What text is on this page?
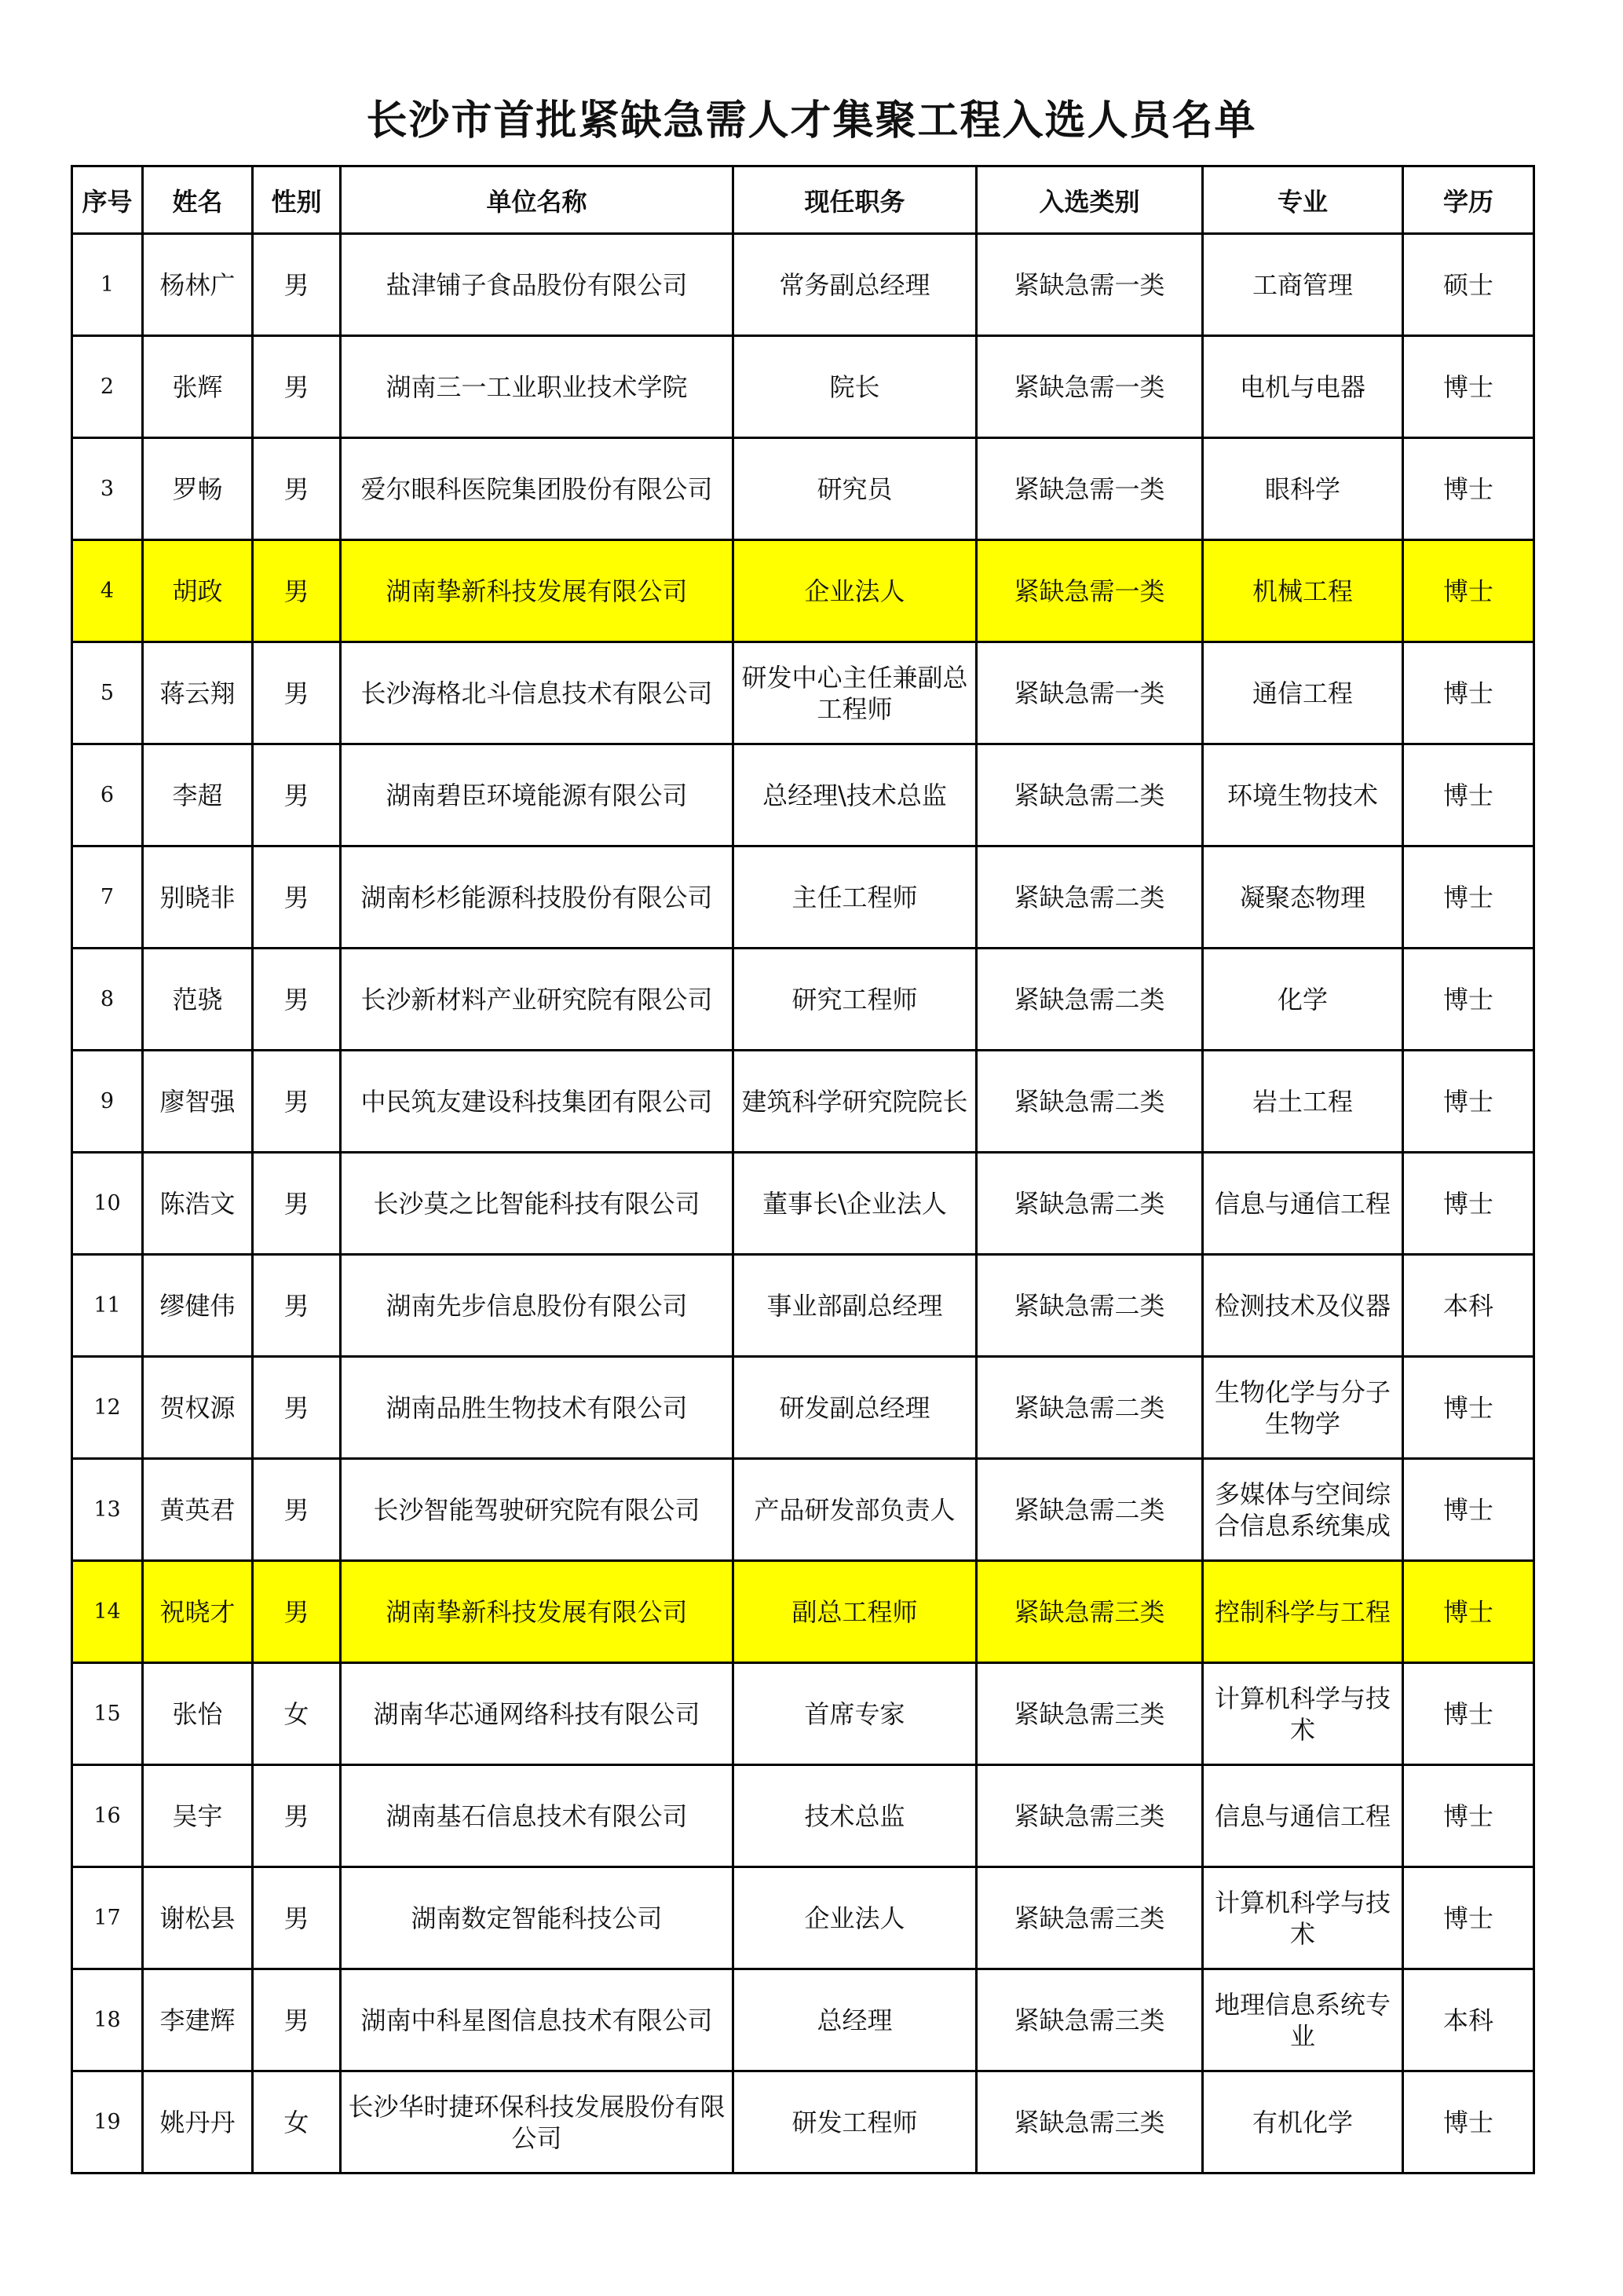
长沙市首批紧缺急需人才集聚工程入选人员名单
序号	姓名	性别	单位名称	现任职务	入选类别	专业	学历
1	杨林广	男	盐津铺子食品股份有限公司	常务副总经理	紧缺急需一类	工商管理	硕士
2	张辉	男	湖南三一工业职业技术学院	院长	紧缺急需一类	电机与电器	博士
3	罗畅	男	爱尔眼科医院集团股份有限公司	研究员	紧缺急需一类	眼科学	博士
4	胡政	男	湖南挚新科技发展有限公司	企业法人	紧缺急需一类	机械工程	博士
5	蒋云翔	男	长沙海格北斗信息技术有限公司	研发中心主任兼副总工程师	紧缺急需一类	通信工程	博士
6	李超	男	湖南碧臣环境能源有限公司	总经理\技术总监	紧缺急需二类	环境生物技术	博士
7	别晓非	男	湖南杉杉能源科技股份有限公司	主任工程师	紧缺急需二类	凝聚态物理	博士
8	范骁	男	长沙新材料产业研究院有限公司	研究工程师	紧缺急需二类	化学	博士
9	廖智强	男	中民筑友建设科技集团有限公司	建筑科学研究院院长	紧缺急需二类	岩土工程	博士
10	陈浩文	男	长沙莫之比智能科技有限公司	董事长\企业法人	紧缺急需二类	信息与通信工程	博士
11	缪健伟	男	湖南先步信息股份有限公司	事业部副总经理	紧缺急需二类	检测技术及仪器	本科
12	贺权源	男	湖南品胜生物技术有限公司	研发副总经理	紧缺急需二类	生物化学与分子生物学	博士
13	黄英君	男	长沙智能驾驶研究院有限公司	产品研发部负责人	紧缺急需二类	多媒体与空间综合信息系统集成	博士
14	祝晓才	男	湖南挚新科技发展有限公司	副总工程师	紧缺急需三类	控制科学与工程	博士
15	张怡	女	湖南华芯通网络科技有限公司	首席专家	紧缺急需三类	计算机科学与技术	博士
16	吴宇	男	湖南基石信息技术有限公司	技术总监	紧缺急需三类	信息与通信工程	博士
17	谢松县	男	湖南数定智能科技公司	企业法人	紧缺急需三类	计算机科学与技术	博士
18	李建辉	男	湖南中科星图信息技术有限公司	总经理	紧缺急需三类	地理信息系统专业	本科
19	姚丹丹	女	长沙华时捷环保科技发展股份有限公司	研发工程师	紧缺急需三类	有机化学	博士
